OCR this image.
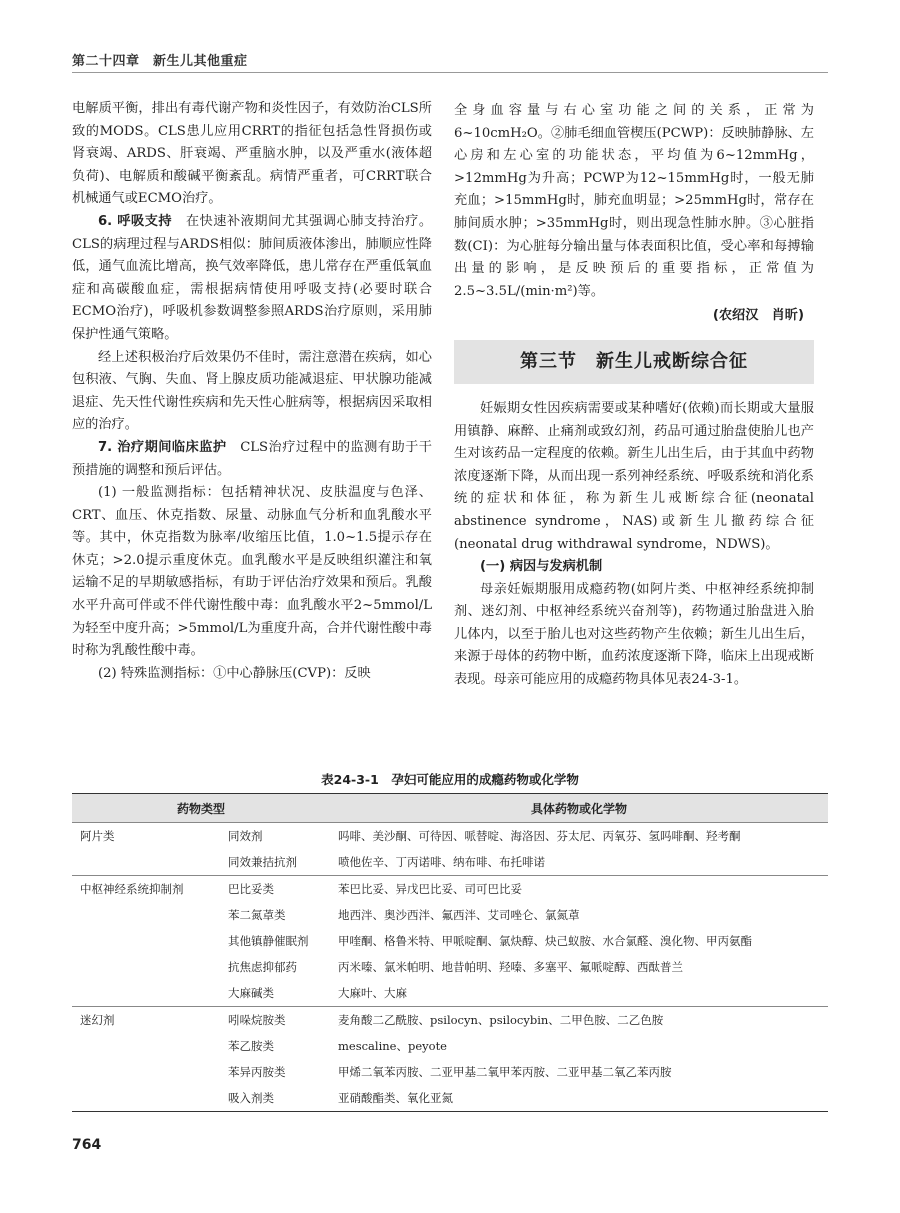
第二十四章　新生儿其他重症

电解质平衡，排出有毒代谢产物和炎性因子，有效防治CLS所致的MODS。CLS患儿应用CRRT的指征包括急性肾损伤或肾衰竭、ARDS、肝衰竭、严重脑水肿，以及严重水(液体超负荷)、电解质和酸碱平衡紊乱。病情严重者，可CRRT联合机械通气或ECMO治疗。

6. 呼吸支持　在快速补液期间尤其强调心肺支持治疗。CLS的病理过程与ARDS相似：肺间质液体渗出，肺顺应性降低，通气血流比增高，换气效率降低，患儿常存在严重低氧血症和高碳酸血症，需根据病情使用呼吸支持(必要时联合ECMO治疗)，呼吸机参数调整参照ARDS治疗原则，采用肺保护性通气策略。

经上述积极治疗后效果仍不佳时，需注意潜在疾病，如心包积液、气胸、失血、肾上腺皮质功能减退症、甲状腺功能减退症、先天性代谢性疾病和先天性心脏病等，根据病因采取相应的治疗。

7. 治疗期间临床监护　CLS治疗过程中的监测有助于干预措施的调整和预后评估。

(1) 一般监测指标：包括精神状况、皮肤温度与色泽、CRT、血压、休克指数、尿量、动脉血气分析和血乳酸水平等。其中，休克指数为脉率/收缩压比值，1.0~1.5提示存在休克；>2.0提示重度休克。血乳酸水平是反映组织灌注和氧运输不足的早期敏感指标，有助于评估治疗效果和预后。乳酸水平升高可伴或不伴代谢性酸中毒：血乳酸水平2~5mmol/L为轻至中度升高；>5mmol/L为重度升高，合并代谢性酸中毒时称为乳酸性酸中毒。

(2) 特殊监测指标：①中心静脉压(CVP)：反映

全身血容量与右心室功能之间的关系，正常为6~10cmH₂O。②肺毛细血管楔压(PCWP)：反映肺静脉、左心房和左心室的功能状态，平均值为6~12mmHg，>12mmHg为升高；PCWP为12~15mmHg时，一般无肺充血；>15mmHg时，肺充血明显；>25mmHg时，常存在肺间质水肿；>35mmHg时，则出现急性肺水肿。③心脏指数(CI)：为心脏每分输出量与体表面积比值，受心率和每搏输出量的影响，是反映预后的重要指标，正常值为2.5~3.5L/(min·m²)等。

(农绍汉　肖昕)
第三节　新生儿戒断综合征

妊娠期女性因疾病需要或某种嗜好(依赖)而长期或大量服用镇静、麻醉、止痛剂或致幻剂，药品可通过胎盘使胎儿也产生对该药品一定程度的依赖。新生儿出生后，由于其血中药物浓度逐渐下降，从而出现一系列神经系统、呼吸系统和消化系统的症状和体征，称为新生儿戒断综合征(neonatal abstinence syndrome，NAS)或新生儿撤药综合征(neonatal drug withdrawal syndrome，NDWS)。

(一) 病因与发病机制

母亲妊娠期服用成瘾药物(如阿片类、中枢神经系统抑制剂、迷幻剂、中枢神经系统兴奋剂等)，药物通过胎盘进入胎儿体内，以至于胎儿也对这些药物产生依赖；新生儿出生后，来源于母体的药物中断，血药浓度逐渐下降，临床上出现戒断表现。母亲可能应用的成瘾药物具体见表24-3-1。

表24-3-1　孕妇可能应用的成瘾药物或化学物
药物类型		具体药物或化学物
阿片类	同效剂	吗啡、美沙酮、可待因、哌替啶、海洛因、芬太尼、丙氧芬、氢吗啡酮、羟考酮
	同效兼拮抗剂	喷他佐辛、丁丙诺啡、纳布啡、布托啡诺
中枢神经系统抑制剂	巴比妥类	苯巴比妥、异戊巴比妥、司可巴比妥
	苯二氮䓬类	地西泮、奥沙西泮、氟西泮、艾司唑仑、氯氮䓬
	其他镇静催眠剂	甲喹酮、格鲁米特、甲哌啶酮、氯炔醇、炔己蚁胺、水合氯醛、溴化物、甲丙氨酯
	抗焦虑抑郁药	丙米嗪、氯米帕明、地昔帕明、羟嗪、多塞平、氟哌啶醇、西酞普兰
	大麻碱类	大麻叶、大麻
迷幻剂	吲哚烷胺类	麦角酸二乙酰胺、psilocyn、psilocybin、二甲色胺、二乙色胺
	苯乙胺类	mescaline、peyote
	苯异丙胺类	甲烯二氧苯丙胺、二亚甲基二氧甲苯丙胺、二亚甲基二氧乙苯丙胺
	吸入剂类	亚硝酸酯类、氧化亚氮
764
